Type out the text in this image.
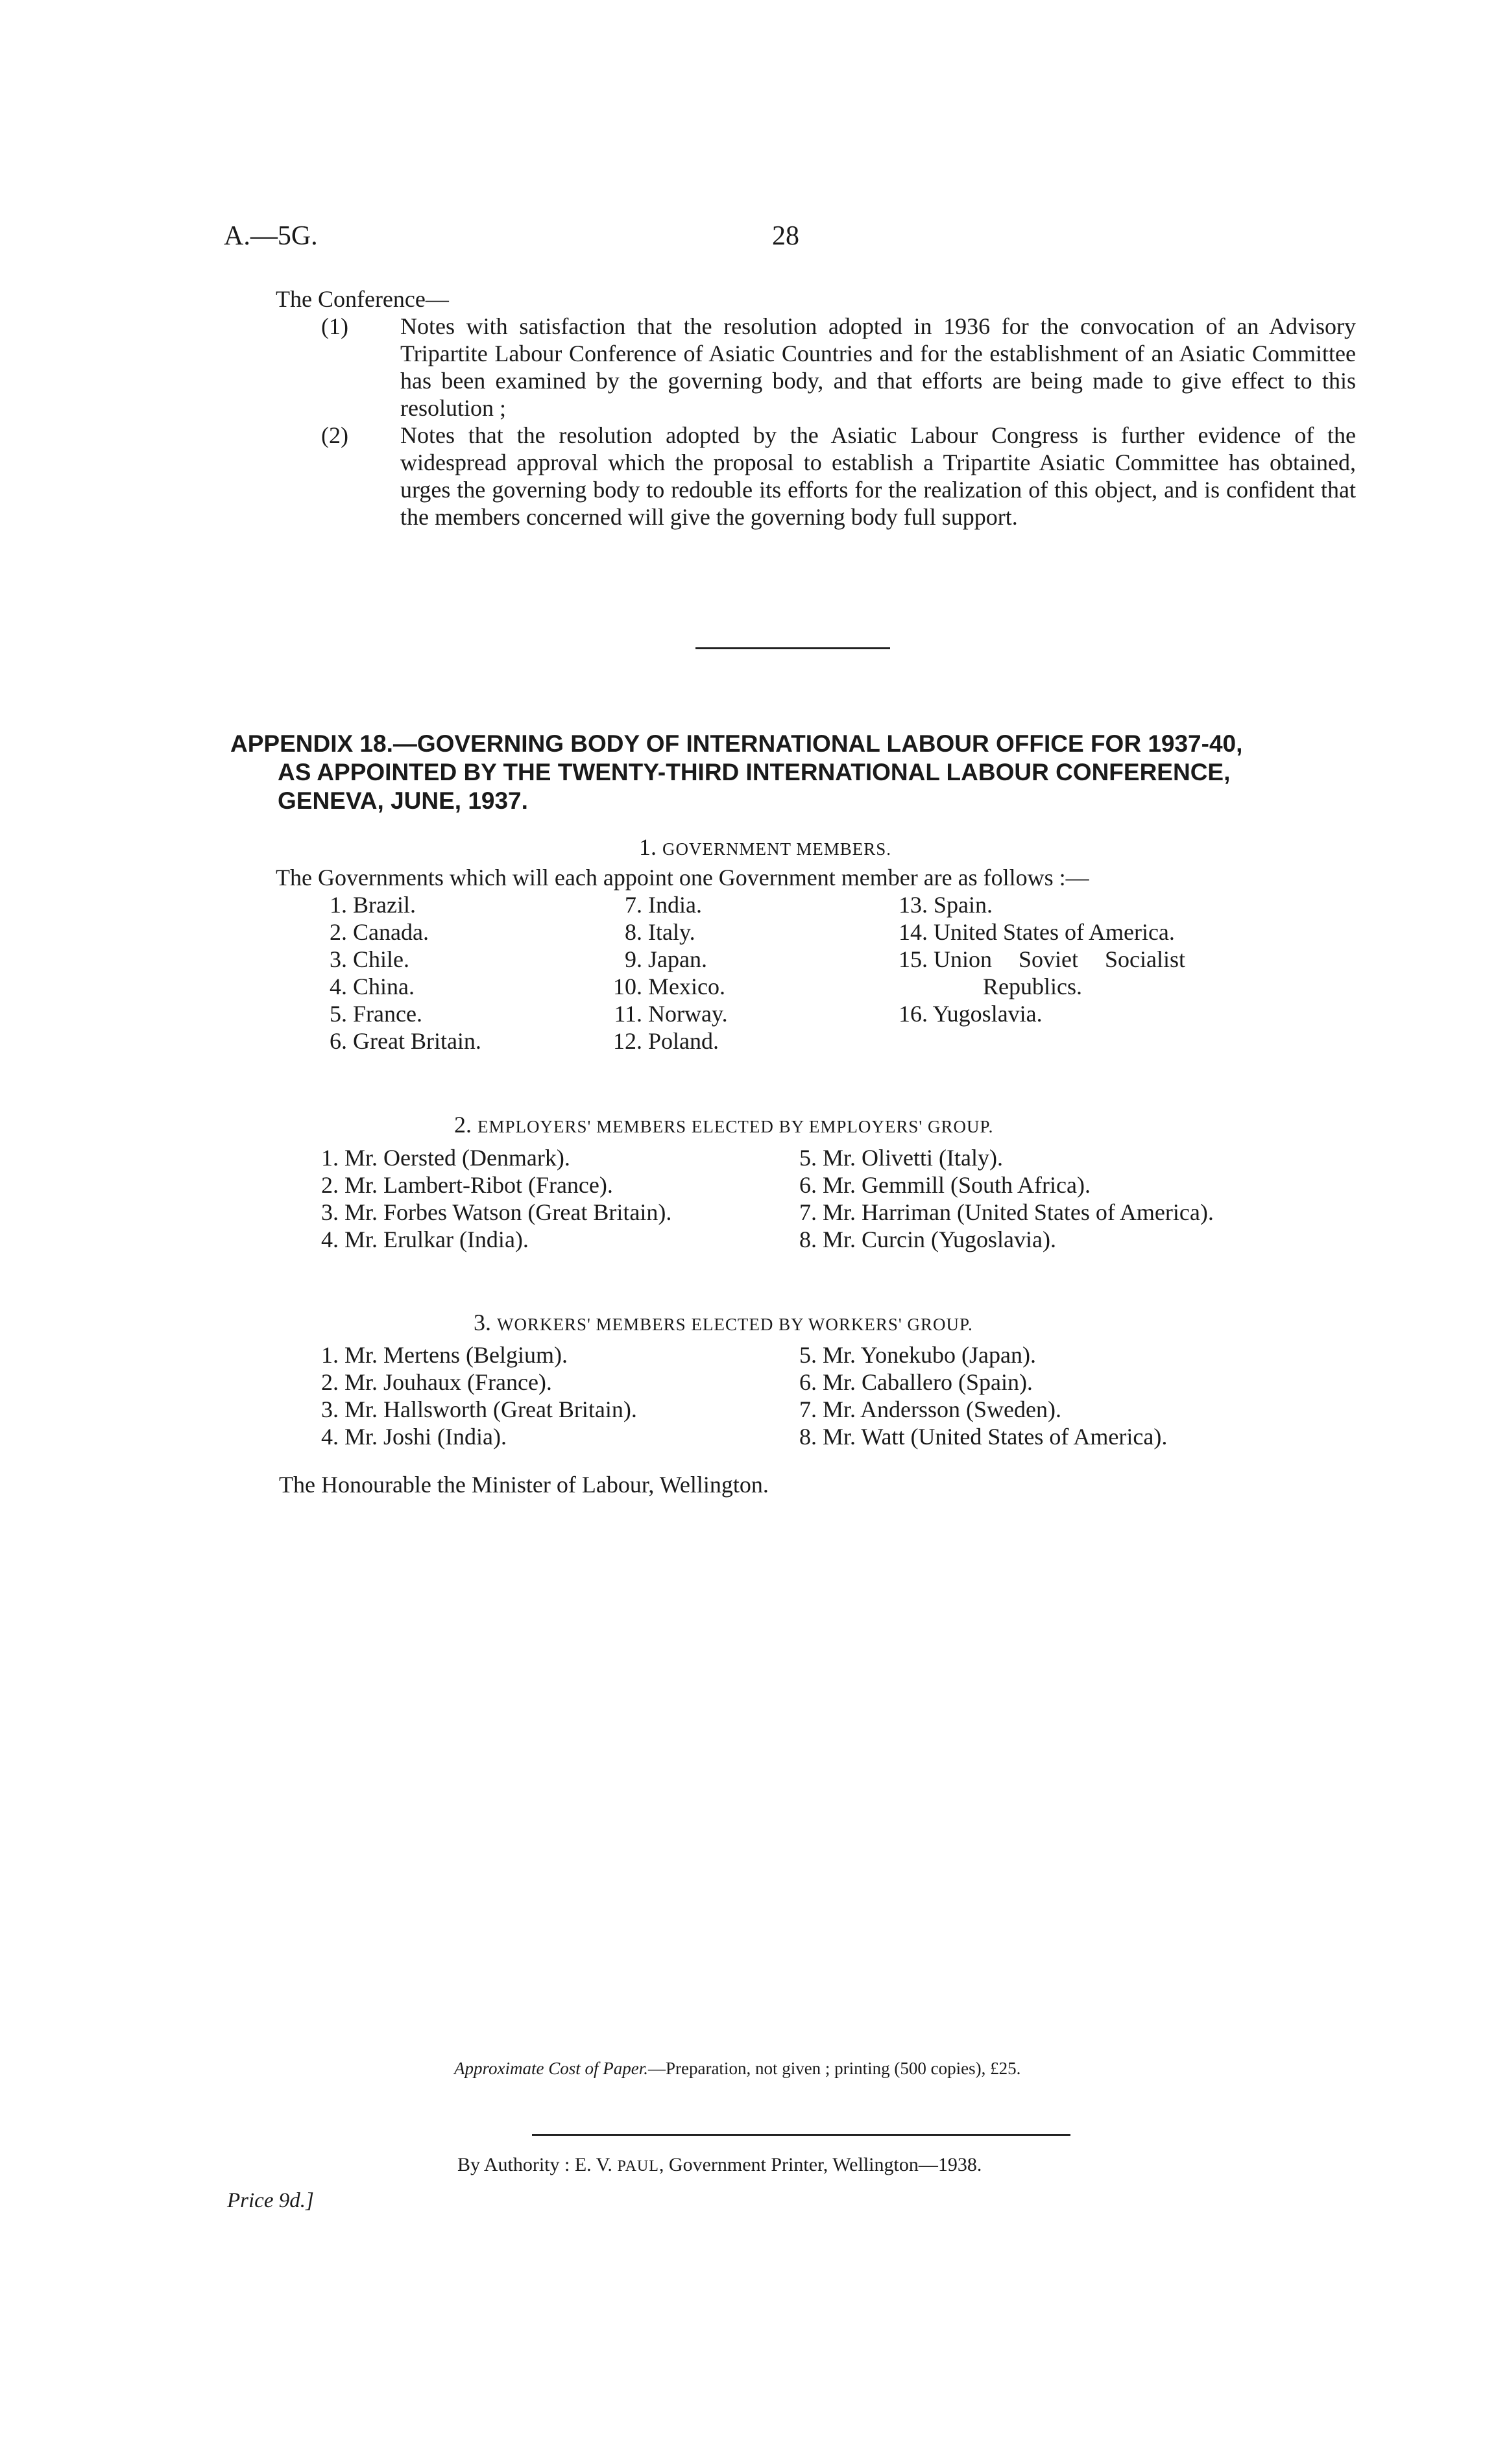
A.—5G.	28
The Conference—
(1) Notes with satisfaction that the resolution adopted in 1936 for the convocation of an Advisory Tripartite Labour Conference of Asiatic Countries and for the establishment of an Asiatic Committee has been examined by the governing body, and that efforts are being made to give effect to this resolution ;
(2) Notes that the resolution adopted by the Asiatic Labour Congress is further evidence of the widespread approval which the proposal to establish a Tripartite Asiatic Committee has obtained, urges the governing body to redouble its efforts for the realization of this object, and is confident that the members concerned will give the governing body full support.
APPENDIX 18.—GOVERNING BODY OF INTERNATIONAL LABOUR OFFICE FOR 1937-40,
AS APPOINTED BY THE TWENTY-THIRD INTERNATIONAL LABOUR CONFERENCE,
GENEVA, JUNE, 1937.
1. GOVERNMENT MEMBERS.
The Governments which will each appoint one Government member are as follows :—
1. Brazil.
2. Canada.
3. Chile.
4. China.
5. France.
6. Great Britain.
7. India.
8. Italy.
9. Japan.
10. Mexico.
11. Norway.
12. Poland.
13. Spain.
14. United States of America.
15. Union Soviet Socialist
Republics.
16. Yugoslavia.
2. EMPLOYERS' MEMBERS ELECTED BY EMPLOYERS' GROUP.
1. Mr. Oersted (Denmark).
2. Mr. Lambert-Ribot (France).
3. Mr. Forbes Watson (Great Britain).
4. Mr. Erulkar (India).
5. Mr. Olivetti (Italy).
6. Mr. Gemmill (South Africa).
7. Mr. Harriman (United States of America).
8. Mr. Curcin (Yugoslavia).
3. WORKERS' MEMBERS ELECTED BY WORKERS' GROUP.
1. Mr. Mertens (Belgium).
2. Mr. Jouhaux (France).
3. Mr. Hallsworth (Great Britain).
4. Mr. Joshi (India).
5. Mr. Yonekubo (Japan).
6. Mr. Caballero (Spain).
7. Mr. Andersson (Sweden).
8. Mr. Watt (United States of America).
The Honourable the Minister of Labour, Wellington.
Approximate Cost of Paper.—Preparation, not given ; printing (500 copies), £25.
By Authority : E. V. PAUL, Government Printer, Wellington—1938.
Price 9d.]
